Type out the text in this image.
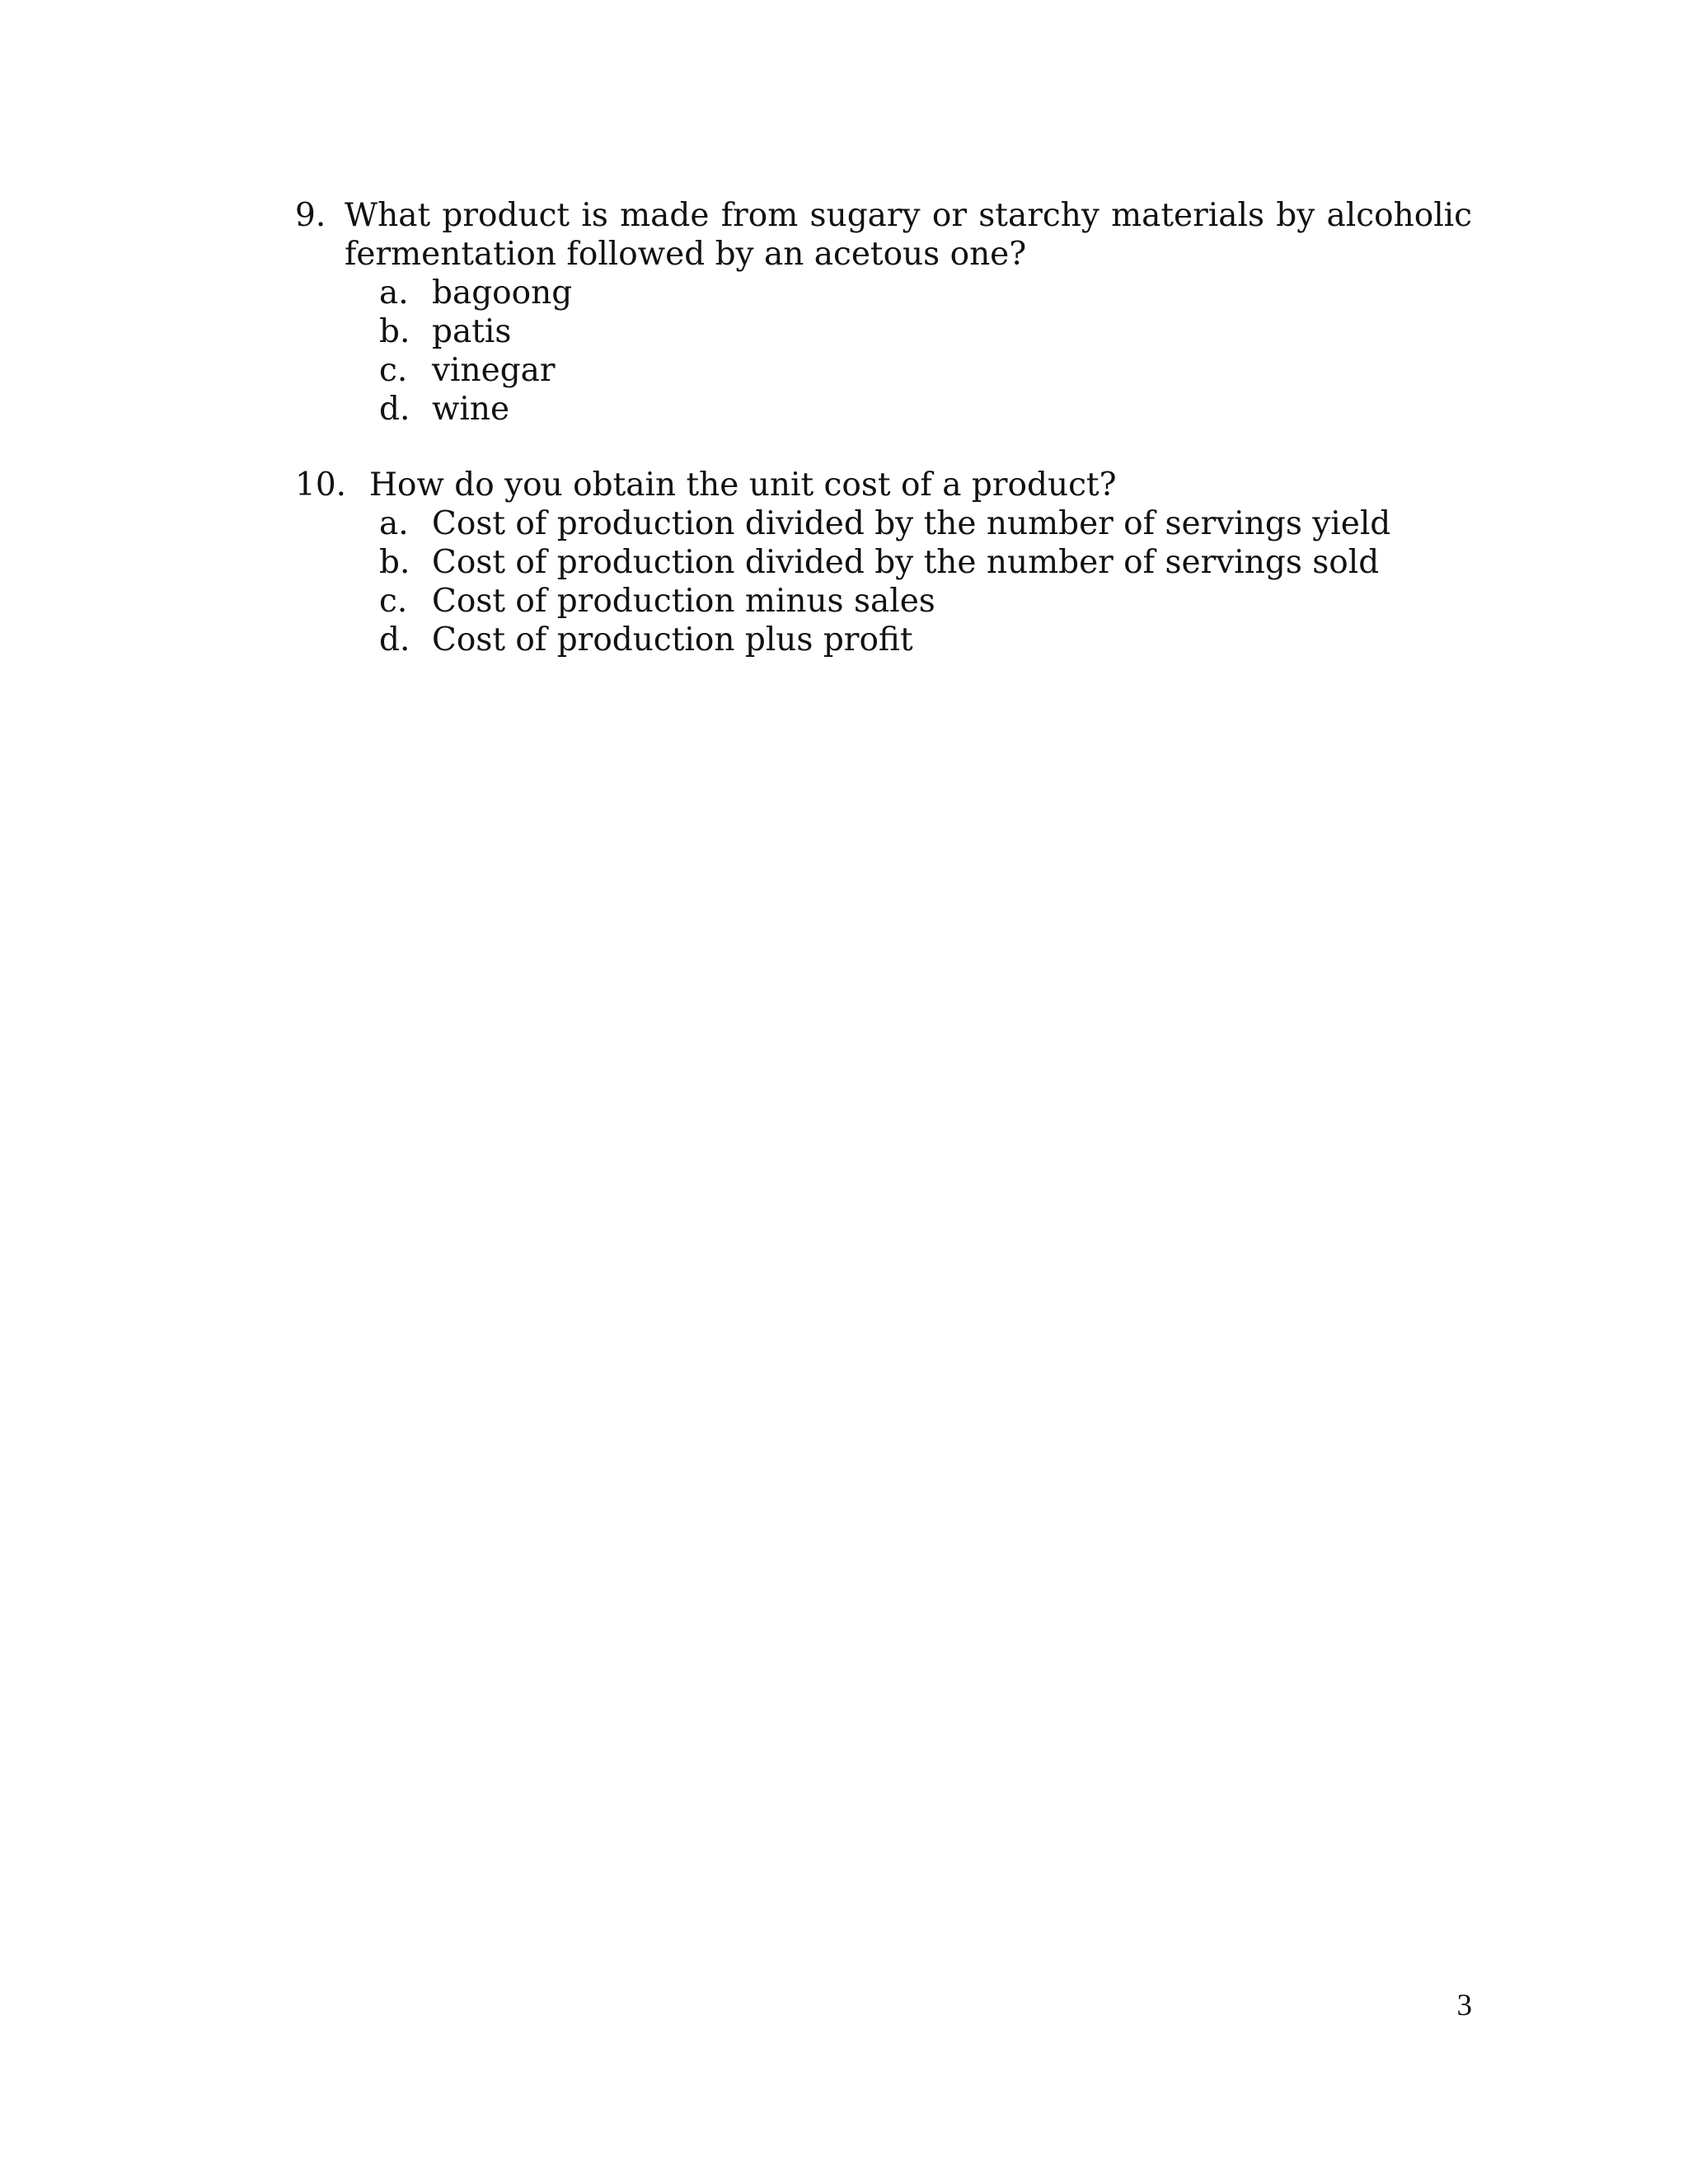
9. What product is made from sugary or starchy materials by alcoholic fermentation followed by an acetous one?
a. bagoong
b. patis
c. vinegar
d. wine
10. How do you obtain the unit cost of a product?
a. Cost of production divided by the number of servings yield
b. Cost of production divided by the number of servings sold
c. Cost of production minus sales
d. Cost of production plus profit
3
